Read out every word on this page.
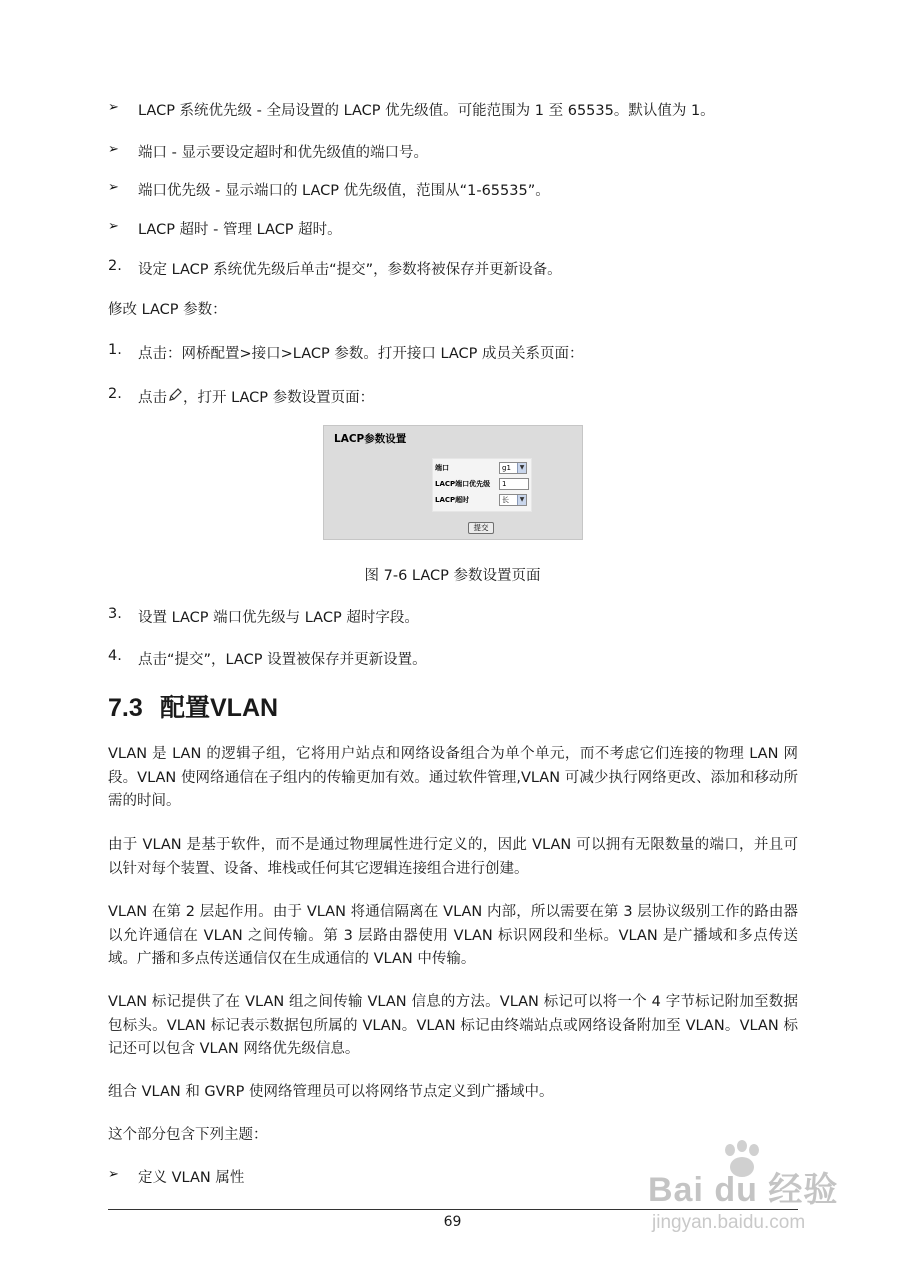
➢ LACP 系统优先级 - 全局设置的 LACP 优先级值。可能范围为 1 至 65535。默认值为 1。
➢ 端口 - 显示要设定超时和优先级值的端口号。
➢ 端口优先级 - 显示端口的 LACP 优先级值，范围从“1-65535”。
➢ LACP 超时 - 管理 LACP 超时。
2. 设定 LACP 系统优先级后单击“提交”，参数将被保存并更新设备。
修改 LACP 参数：
1. 点击：网桥配置>接口>LACP 参数。打开接口 LACP 成员关系页面：
2. 点击 ，打开 LACP 参数设置页面：
LACP参数设置
端口	g1	▼
LACP端口优先级	1
LACP超时	长	▼
提交
图 7-6 LACP 参数设置页面
3. 设置 LACP 端口优先级与 LACP 超时字段。
4. 点击“提交”，LACP 设置被保存并更新设置。
7.3 配置VLAN
VLAN 是 LAN 的逻辑子组，它将用户站点和网络设备组合为单个单元，而不考虑它们连接的物理 LAN 网段。VLAN 使网络通信在子组内的传输更加有效。通过软件管理,VLAN 可减少执行网络更改、添加和移动所需的时间。
由于 VLAN 是基于软件，而不是通过物理属性进行定义的，因此 VLAN 可以拥有无限数量的端口，并且可以针对每个装置、设备、堆栈或任何其它逻辑连接组合进行创建。
VLAN 在第 2 层起作用。由于 VLAN 将通信隔离在 VLAN 内部，所以需要在第 3 层协议级别工作的路由器以允许通信在 VLAN 之间传输。第 3 层路由器使用 VLAN 标识网段和坐标。VLAN 是广播域和多点传送域。广播和多点传送通信仅在生成通信的 VLAN 中传输。
VLAN 标记提供了在 VLAN 组之间传输 VLAN 信息的方法。VLAN 标记可以将一个 4 字节标记附加至数据包标头。VLAN 标记表示数据包所属的 VLAN。VLAN 标记由终端站点或网络设备附加至 VLAN。VLAN 标记还可以包含 VLAN 网络优先级信息。
组合 VLAN 和 GVRP 使网络管理员可以将网络节点定义到广播域中。
这个部分包含下列主题：
➢ 定义 VLAN 属性	Bai du 经验
jingyan.baidu.com
69
